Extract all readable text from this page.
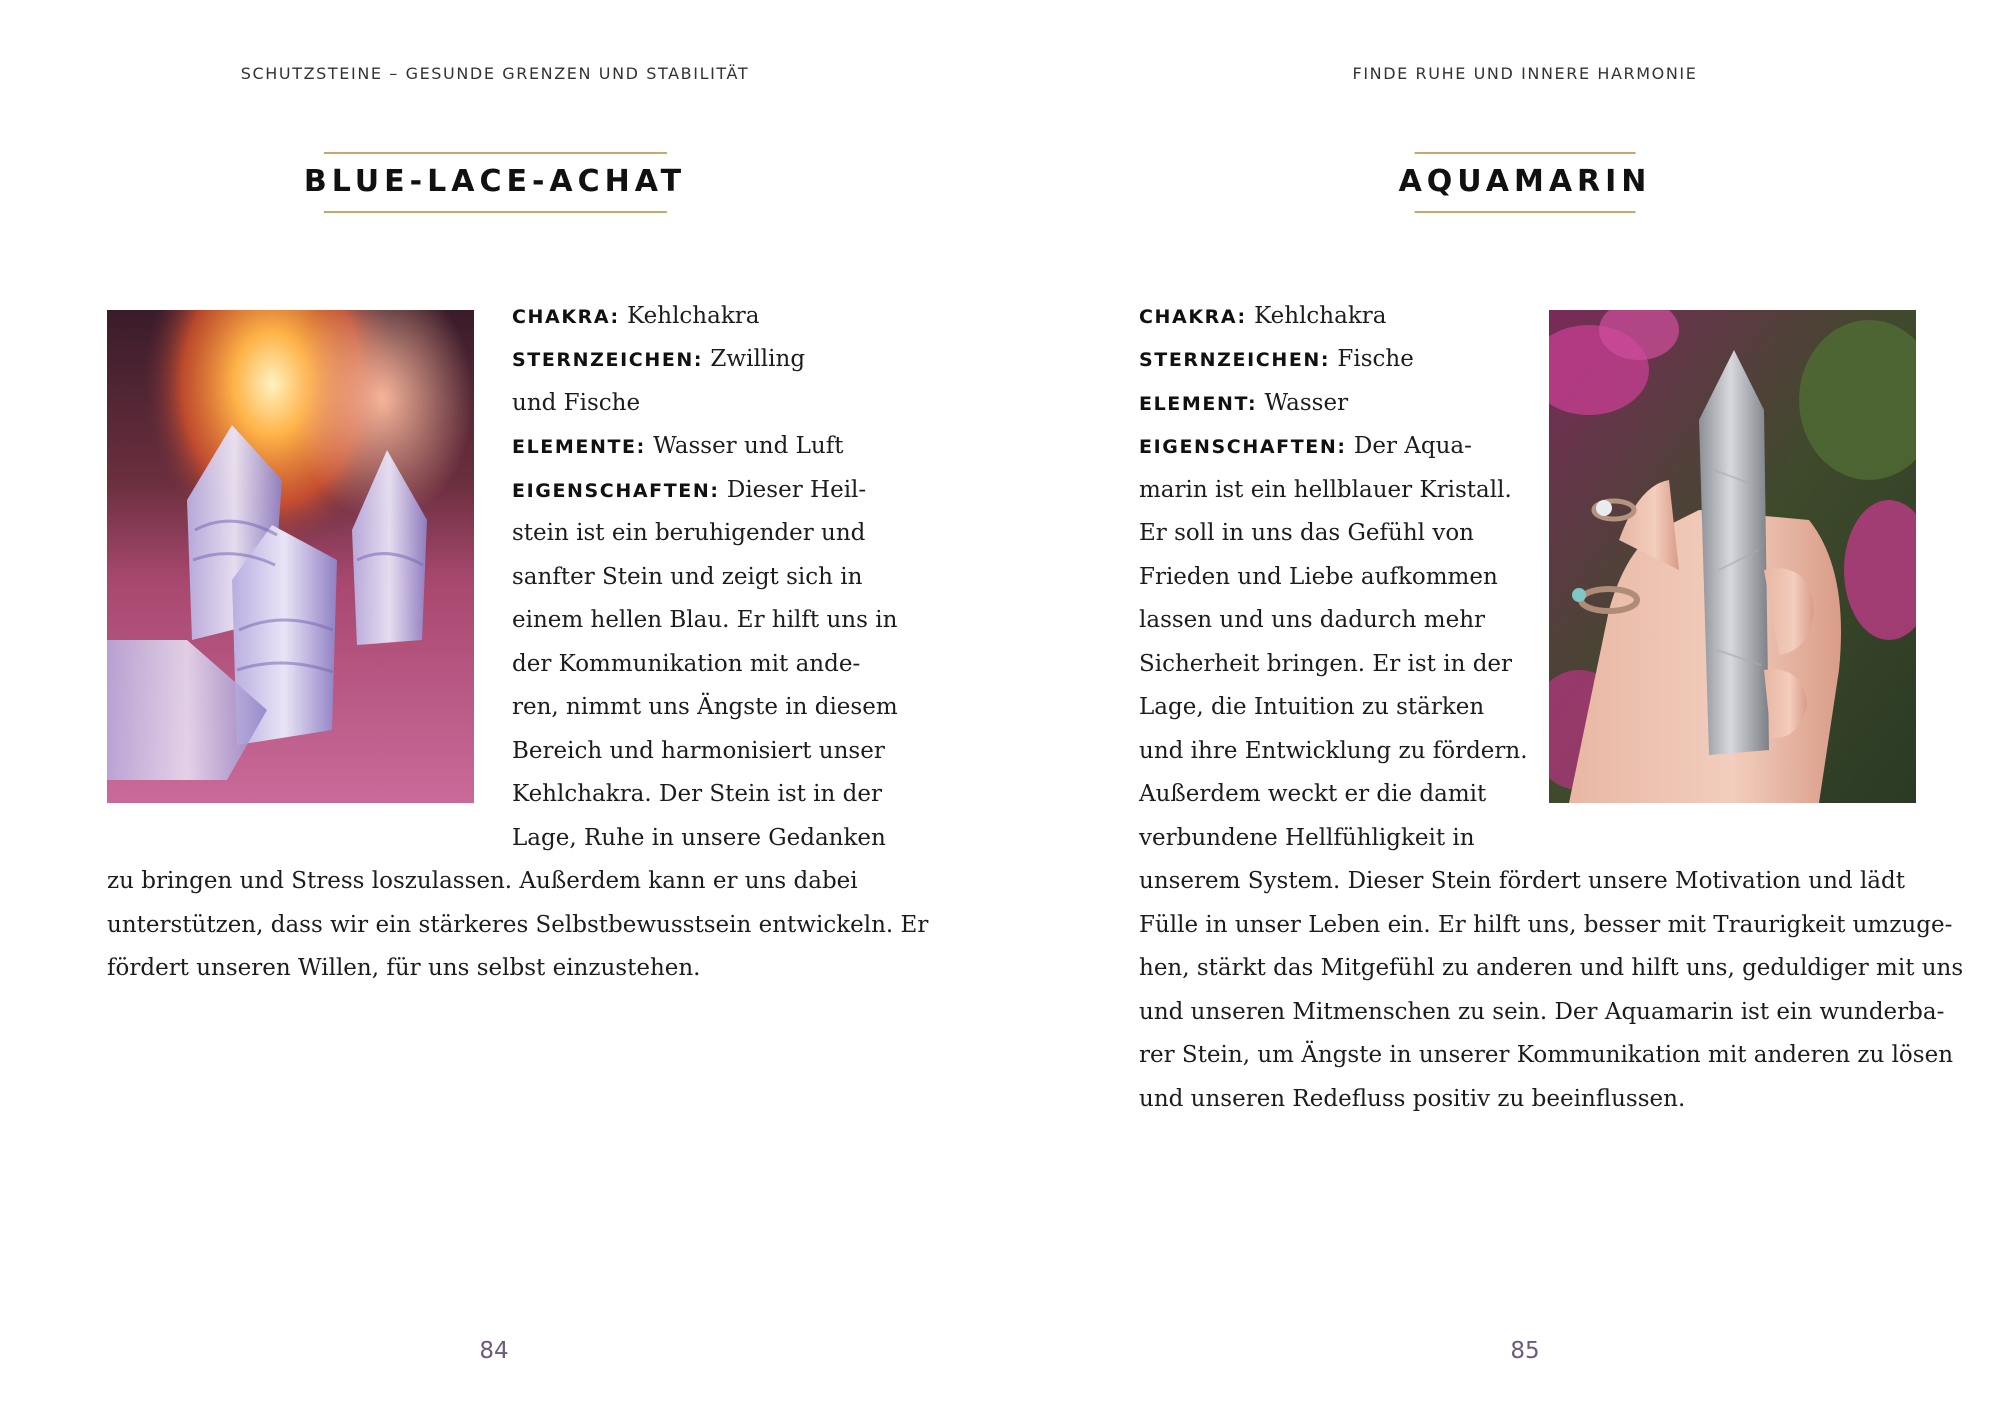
SCHUTZSTEINE – GESUNDE GRENZEN UND STABILITÄT
BLUE-LACE-ACHAT
CHAKRA: Kehlchakra
STERNZEICHEN: Zwilling
und Fische
ELEMENTE: Wasser und Luft
EIGENSCHAFTEN: Dieser Heil-
stein ist ein beruhigender und
sanfter Stein und zeigt sich in
einem hellen Blau. Er hilft uns in
der Kommunikation mit ande-
ren, nimmt uns Ängste in diesem
Bereich und harmonisiert unser
Kehlchakra. Der Stein ist in der
Lage, Ruhe in unsere Gedanken
zu bringen und Stress loszulassen. Außerdem kann er uns dabei
unterstützen, dass wir ein stärkeres Selbstbewusstsein entwickeln. Er
fördert unseren Willen, für uns selbst einzustehen.
84
FINDE RUHE UND INNERE HARMONIE
AQUAMARIN
CHAKRA: Kehlchakra
STERNZEICHEN: Fische
ELEMENT: Wasser
EIGENSCHAFTEN: Der Aqua-
marin ist ein hellblauer Kristall.
Er soll in uns das Gefühl von
Frieden und Liebe aufkommen
lassen und uns dadurch mehr
Sicherheit bringen. Er ist in der
Lage, die Intuition zu stärken
und ihre Entwicklung zu fördern.
Außerdem weckt er die damit
verbundene Hellfühligkeit in
unserem System. Dieser Stein fördert unsere Motivation und lädt
Fülle in unser Leben ein. Er hilft uns, besser mit Traurigkeit umzuge-
hen, stärkt das Mitgefühl zu anderen und hilft uns, geduldiger mit uns
und unseren Mitmenschen zu sein. Der Aquamarin ist ein wunderba-
rer Stein, um Ängste in unserer Kommunikation mit anderen zu lösen
und unseren Redefluss positiv zu beeinflussen.
85
